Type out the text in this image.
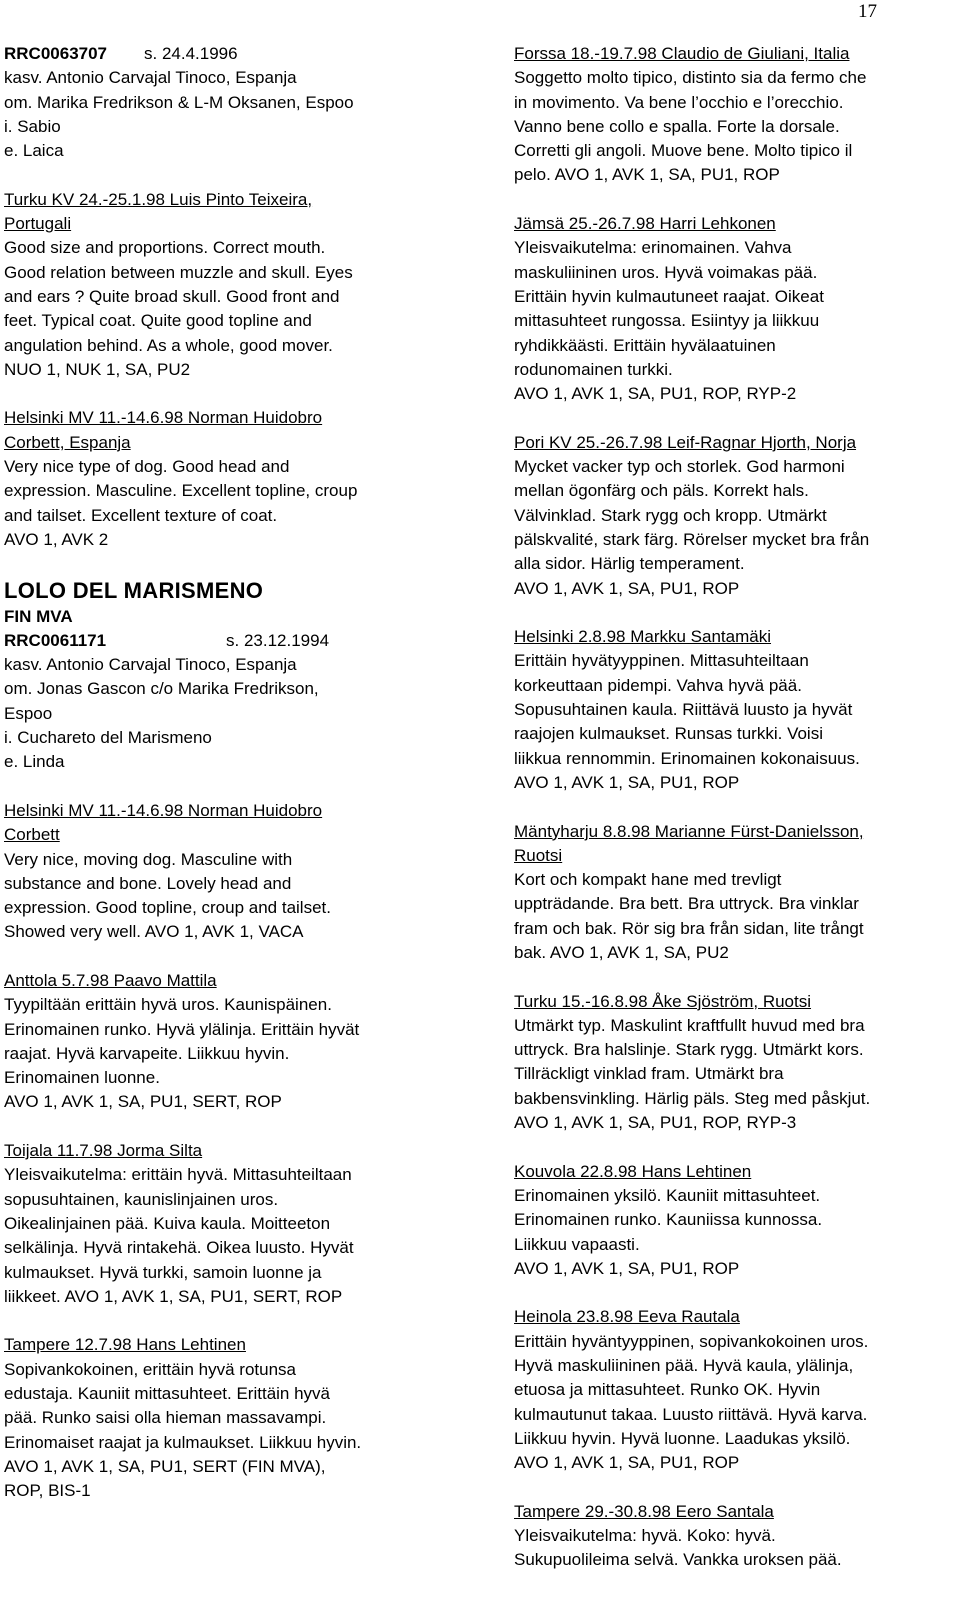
17

RRC0063707 s. 24.4.1996

kasv. Antonio Carvajal Tinoco, Espanja

om. Marika Fredrikson & L-M Oksanen, Espoo

i. Sabio

e. Laica

Turku KV 24.-25.1.98 Luis Pinto Teixeira,

Portugali

Good size and proportions. Correct mouth.

Good relation between muzzle and skull. Eyes

and ears ? Quite broad skull. Good front and

feet. Typical coat. Quite good topline and

angulation behind. As a whole, good mover.

NUO 1, NUK 1, SA, PU2

Helsinki MV 11.-14.6.98 Norman Huidobro

Corbett, Espanja

Very nice type of dog. Good head and

expression. Masculine. Excellent topline, croup

and tailset. Excellent texture of coat.

AVO 1, AVK 2

LOLO DEL MARISMENO

FIN MVA

RRC0061171	s. 23.12.1994

kasv. Antonio Carvajal Tinoco, Espanja

om. Jonas Gascon c/o Marika Fredrikson,

Espoo

i. Cuchareto del Marismeno

e. Linda

Helsinki MV 11.-14.6.98 Norman Huidobro

Corbett

Very nice, moving dog. Masculine with

substance and bone. Lovely head and

expression. Good topline, croup and tailset.

Showed very well. AVO 1, AVK 1, VACA

Anttola 5.7.98 Paavo Mattila

Tyypiltään erittäin hyvä uros. Kaunispäinen.

Erinomainen runko. Hyvä ylälinja. Erittäin hyvät

raajat. Hyvä karvapeite. Liikkuu hyvin.

Erinomainen luonne.

AVO 1, AVK 1, SA, PU1, SERT, ROP

Toijala 11.7.98 Jorma Silta

Yleisvaikutelma: erittäin hyvä. Mittasuhteiltaan

sopusuhtainen, kaunislinjainen uros.

Oikealinjainen pää. Kuiva kaula. Moitteeton

selkälinja. Hyvä rintakehä. Oikea luusto. Hyvät

kulmaukset. Hyvä turkki, samoin luonne ja

liikkeet. AVO 1, AVK 1, SA, PU1, SERT, ROP

Tampere 12.7.98 Hans Lehtinen

Sopivankokoinen, erittäin hyvä rotunsa

edustaja. Kauniit mittasuhteet. Erittäin hyvä

pää. Runko saisi olla hieman massavampi.

Erinomaiset raajat ja kulmaukset. Liikkuu hyvin.

AVO 1, AVK 1, SA, PU1, SERT (FIN MVA),

ROP, BIS-1

Forssa 18.-19.7.98 Claudio de Giuliani, Italia

Soggetto molto tipico, distinto sia da fermo che

in movimento. Va bene l’occhio e l’orecchio.

Vanno bene collo e spalla. Forte la dorsale.

Corretti gli angoli. Muove bene. Molto tipico il

pelo. AVO 1, AVK 1, SA, PU1, ROP

Jämsä 25.-26.7.98 Harri Lehkonen

Yleisvaikutelma: erinomainen. Vahva

maskuliininen uros. Hyvä voimakas pää.

Erittäin hyvin kulmautuneet raajat. Oikeat

mittasuhteet rungossa. Esiintyy ja liikkuu

ryhdikkäästi. Erittäin hyvälaatuinen

rodunomainen turkki.

AVO 1, AVK 1, SA, PU1, ROP, RYP-2

Pori KV 25.-26.7.98 Leif-Ragnar Hjorth, Norja

Mycket vacker typ och storlek. God harmoni

mellan ögonfärg och päls. Korrekt hals.

Välvinklad. Stark rygg och kropp. Utmärkt

pälskvalité, stark färg. Rörelser mycket bra från

alla sidor. Härlig temperament.

AVO 1, AVK 1, SA, PU1, ROP

Helsinki 2.8.98 Markku Santamäki

Erittäin hyvätyyppinen. Mittasuhteiltaan

korkeuttaan pidempi. Vahva hyvä pää.

Sopusuhtainen kaula. Riittävä luusto ja hyvät

raajojen kulmaukset. Runsas turkki. Voisi

liikkua rennommin. Erinomainen kokonaisuus.

AVO 1, AVK 1, SA, PU1, ROP

Mäntyharju 8.8.98 Marianne Fürst-Danielsson,

Ruotsi

Kort och kompakt hane med trevligt

uppträdande. Bra bett. Bra uttryck. Bra vinklar

fram och bak. Rör sig bra från sidan, lite trångt

bak. AVO 1, AVK 1, SA, PU2

Turku 15.-16.8.98 Åke Sjöström, Ruotsi

Utmärkt typ. Maskulint kraftfullt huvud med bra

uttryck. Bra halslinje. Stark rygg. Utmärkt kors.

Tillräckligt vinklad fram. Utmärkt bra

bakbensvinkling. Härlig päls. Steg med påskjut.

AVO 1, AVK 1, SA, PU1, ROP, RYP-3

Kouvola 22.8.98 Hans Lehtinen

Erinomainen yksilö. Kauniit mittasuhteet.

Erinomainen runko. Kauniissa kunnossa.

Liikkuu vapaasti.

AVO 1, AVK 1, SA, PU1, ROP

Heinola 23.8.98 Eeva Rautala

Erittäin hyväntyyppinen, sopivankokoinen uros.

Hyvä maskuliininen pää. Hyvä kaula, ylälinja,

etuosa ja mittasuhteet. Runko OK. Hyvin

kulmautunut takaa. Luusto riittävä. Hyvä karva.

Liikkuu hyvin. Hyvä luonne. Laadukas yksilö.

AVO 1, AVK 1, SA, PU1, ROP

Tampere 29.-30.8.98 Eero Santala

Yleisvaikutelma: hyvä. Koko: hyvä.

Sukupuolileima selvä. Vankka uroksen pää.
